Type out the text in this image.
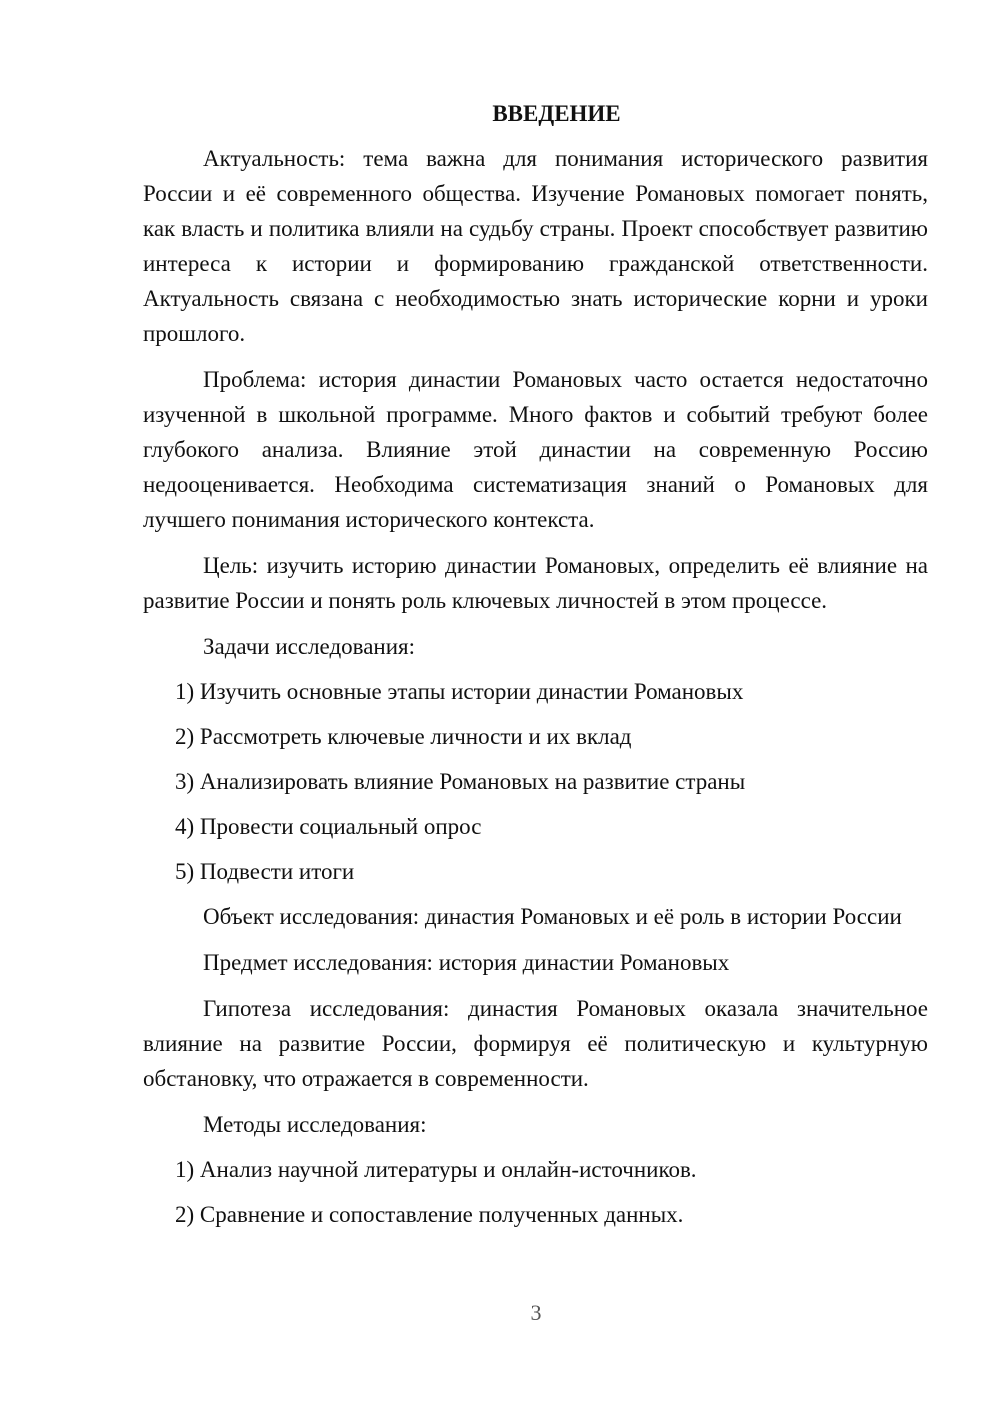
ВВЕДЕНИЕ

Актуальность: тема важна для понимания исторического развития России и её современного общества. Изучение Романовых помогает понять, как власть и политика влияли на судьбу страны. Проект способствует развитию интереса к истории и формированию гражданской ответственности. Актуальность связана с необходимостью знать исторические корни и уроки прошлого.

Проблема: история династии Романовых часто остается недостаточно изученной в школьной программе. Много фактов и событий требуют более глубокого анализа. Влияние этой династии на современную Россию недооценивается. Необходима систематизация знаний о Романовых для лучшего понимания исторического контекста.

Цель: изучить историю династии Романовых, определить её влияние на развитие России и понять роль ключевых личностей в этом процессе.

Задачи исследования:

1) Изучить основные этапы истории династии Романовых

2) Рассмотреть ключевые личности и их вклад

3) Анализировать влияние Романовых на развитие страны

4) Провести социальный опрос

5) Подвести итоги

Объект исследования: династия Романовых и её роль в истории России

Предмет исследования: история династии Романовых

Гипотеза исследования: династия Романовых оказала значительное влияние на развитие России, формируя её политическую и культурную обстановку, что отражается в современности.

Методы исследования:

1) Анализ научной литературы и онлайн-источников.

2) Сравнение и сопоставление полученных данных.

3
